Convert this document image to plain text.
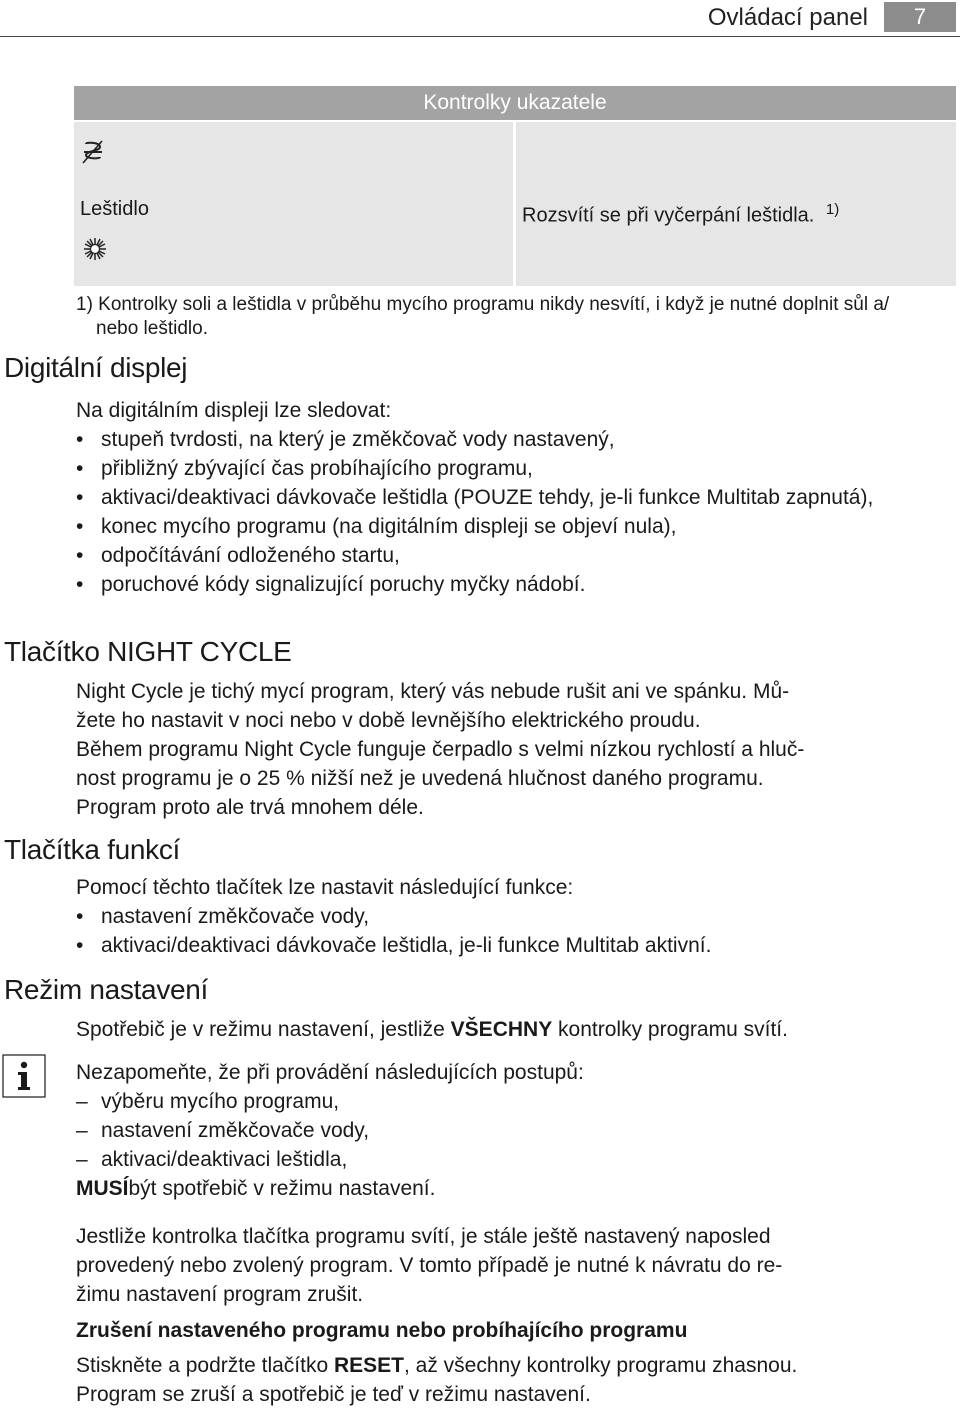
Ovládací panel	7
Kontrolky ukazatele
Leštidlo	Rozsvítí se při vyčerpání leštidla. $^{1)}$
1) Kontrolky soli a leštidla v průběhu mycího programu nikdy nesvítí, i když je nutné doplnit sůl a/
nebo leštidlo.
Digitální displej
Na digitálním displeji lze sledovat:
• stupeň tvrdosti, na který je změkčovač vody nastavený,
• přibližný zbývající čas probíhajícího programu,
• aktivaci/deaktivaci dávkovače leštidla (POUZE tehdy, je-li funkce Multitab zapnutá),
• konec mycího programu (na digitálním displeji se objeví nula),
• odpočítávání odloženého startu,
• poruchové kódy signalizující poruchy myčky nádobí.
Tlačítko NIGHT CYCLE
Night Cycle je tichý mycí program, který vás nebude rušit ani ve spánku. Mů-
žete ho nastavit v noci nebo v době levnějšího elektrického proudu.
Během programu Night Cycle funguje čerpadlo s velmi nízkou rychlostí a hluč-
nost programu je o 25 % nižší než je uvedená hlučnost daného programu.
Program proto ale trvá mnohem déle.
Tlačítka funkcí
Pomocí těchto tlačítek lze nastavit následující funkce:
• nastavení změkčovače vody,
• aktivaci/deaktivaci dávkovače leštidla, je-li funkce Multitab aktivní.
Režim nastavení
Spotřebič je v režimu nastavení, jestliže VŠECHNY kontrolky programu svítí.
Nezapomeňte, že při provádění následujících postupů:
– výběru mycího programu,
– nastavení změkčovače vody,
– aktivaci/deaktivaci leštidla,
MUSÍbýt spotřebič v režimu nastavení.
Jestliže kontrolka tlačítka programu svítí, je stále ještě nastavený naposled
provedený nebo zvolený program. V tomto případě je nutné k návratu do re-
žimu nastavení program zrušit.
Zrušení nastaveného programu nebo probíhajícího programu
Stiskněte a podržte tlačítko RESET, až všechny kontrolky programu zhasnou.
Program se zruší a spotřebič je teď v režimu nastavení.
